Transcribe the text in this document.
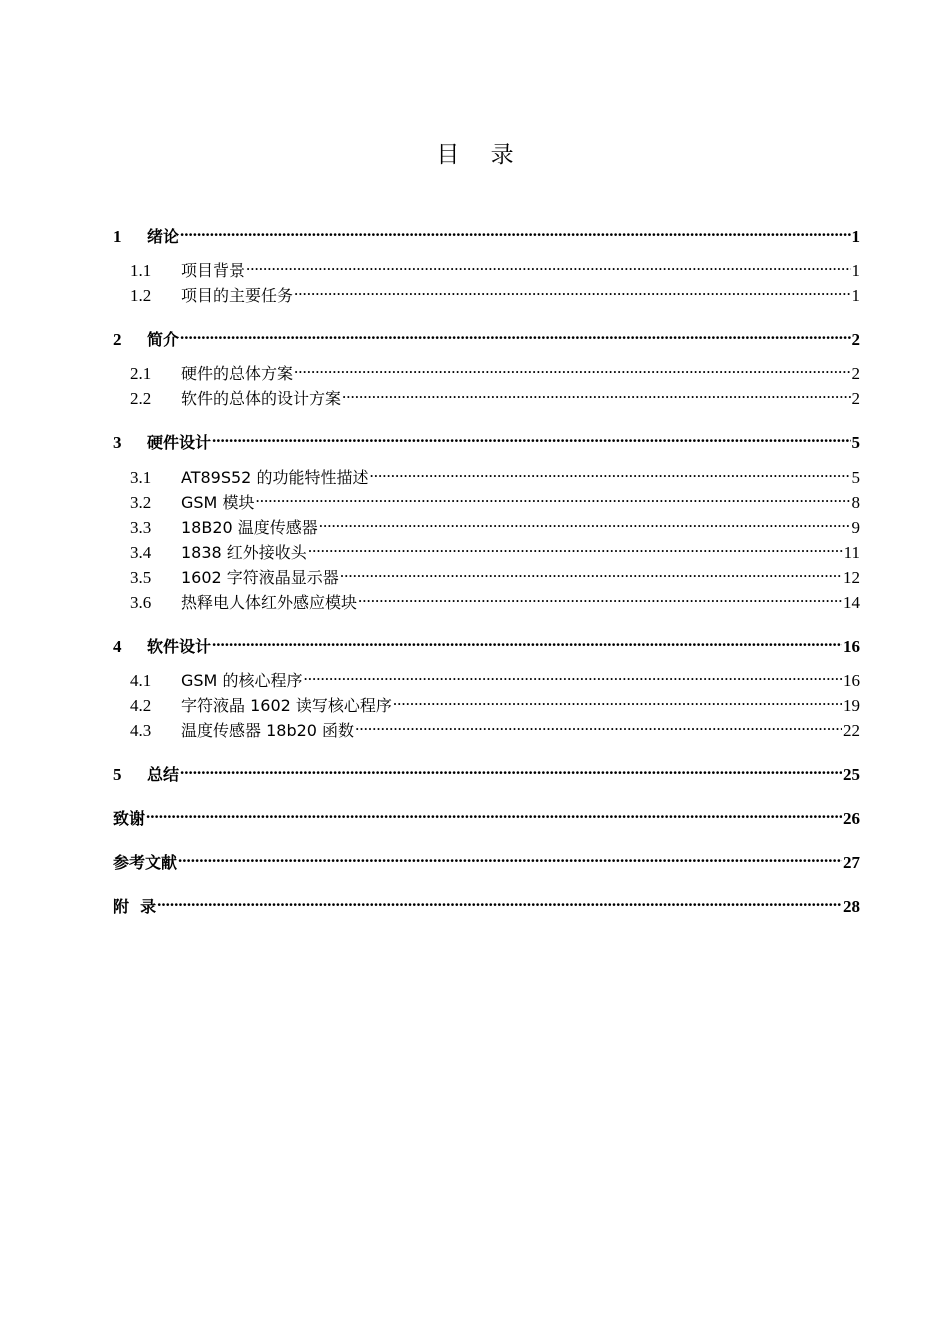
目 录
1	绪论 .....	1
1.1	项目背景 .....	1
1.2	项目的主要任务 .....	1
2	简介 .....	2
2.1	硬件的总体方案 .....	2
2.2	软件的总体的设计方案 .....	2
3	硬件设计 .....	5
3.1	AT89S52 的功能特性描述 .....	5
3.2	GSM 模块 .....	8
3.3	18B20 温度传感器 .....	9
3.4	1838 红外接收头 .....	11
3.5	1602 字符液晶显示器 .....	12
3.6	热释电人体红外感应模块 .....	14
4	软件设计 .....	16
4.1	GSM 的核心程序 .....	16
4.2	字符液晶 1602 读写核心程序 .....	19
4.3	温度传感器 18b20 函数 .....	22
5	总结 .....	25
致谢 .....	26
参考文献 .....	27
附  录 .....	28
